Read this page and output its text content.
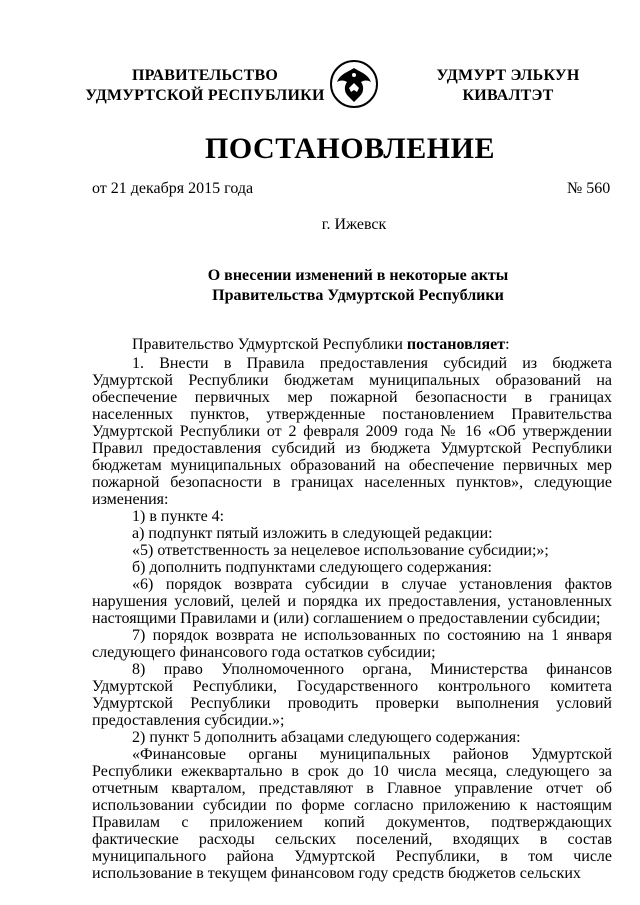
ПРАВИТЕЛЬСТВО
УДМУРТСКОЙ РЕСПУБЛИКИ
УДМУРТ ЭЛЬКУН
КИВАЛТЭТ
ПОСТАНОВЛЕНИЕ
от 21 декабря 2015 года	№ 560
г. Ижевск
О внесении изменений в некоторые акты
Правительства Удмуртской Республики

Правительство Удмуртской Республики постановляет:

1. Внести в Правила предоставления субсидий из бюджета Удмуртской Республики бюджетам муниципальных образований на обеспечение первичных мер пожарной безопасности в границах населенных пунктов, утвержденные постановлением Правительства Удмуртской Республики от 2 февраля 2009 года № 16 «Об утверждении Правил предоставления субсидий из бюджета Удмуртской Республики бюджетам муниципальных образований на обеспечение первичных мер пожарной безопасности в границах населенных пунктов», следующие изменения:

1) в пункте 4:

а) подпункт пятый изложить в следующей редакции:

«5) ответственность за нецелевое использование субсидии;»;

б) дополнить подпунктами следующего содержания:

«6) порядок возврата субсидии в случае установления фактов нарушения условий, целей и порядка их предоставления, установленных настоящими Правилами и (или) соглашением о предоставлении субсидии;

7) порядок возврата не использованных по состоянию на 1 января следующего финансового года остатков субсидии;

8) право Уполномоченного органа, Министерства финансов Удмуртской Республики, Государственного контрольного комитета Удмуртской Республики проводить проверки выполнения условий предоставления субсидии.»;

2) пункт 5 дополнить абзацами следующего содержания:

«Финансовые органы муниципальных районов Удмуртской Республики ежеквартально в срок до 10 числа месяца, следующего за отчетным кварталом, представляют в Главное управление отчет об использовании субсидии по форме согласно приложению к настоящим Правилам с приложением копий документов, подтверждающих фактические расходы сельских поселений, входящих в состав муниципального района Удмуртской Республики, в том числе использование в текущем финансовом году средств бюджетов сельских
